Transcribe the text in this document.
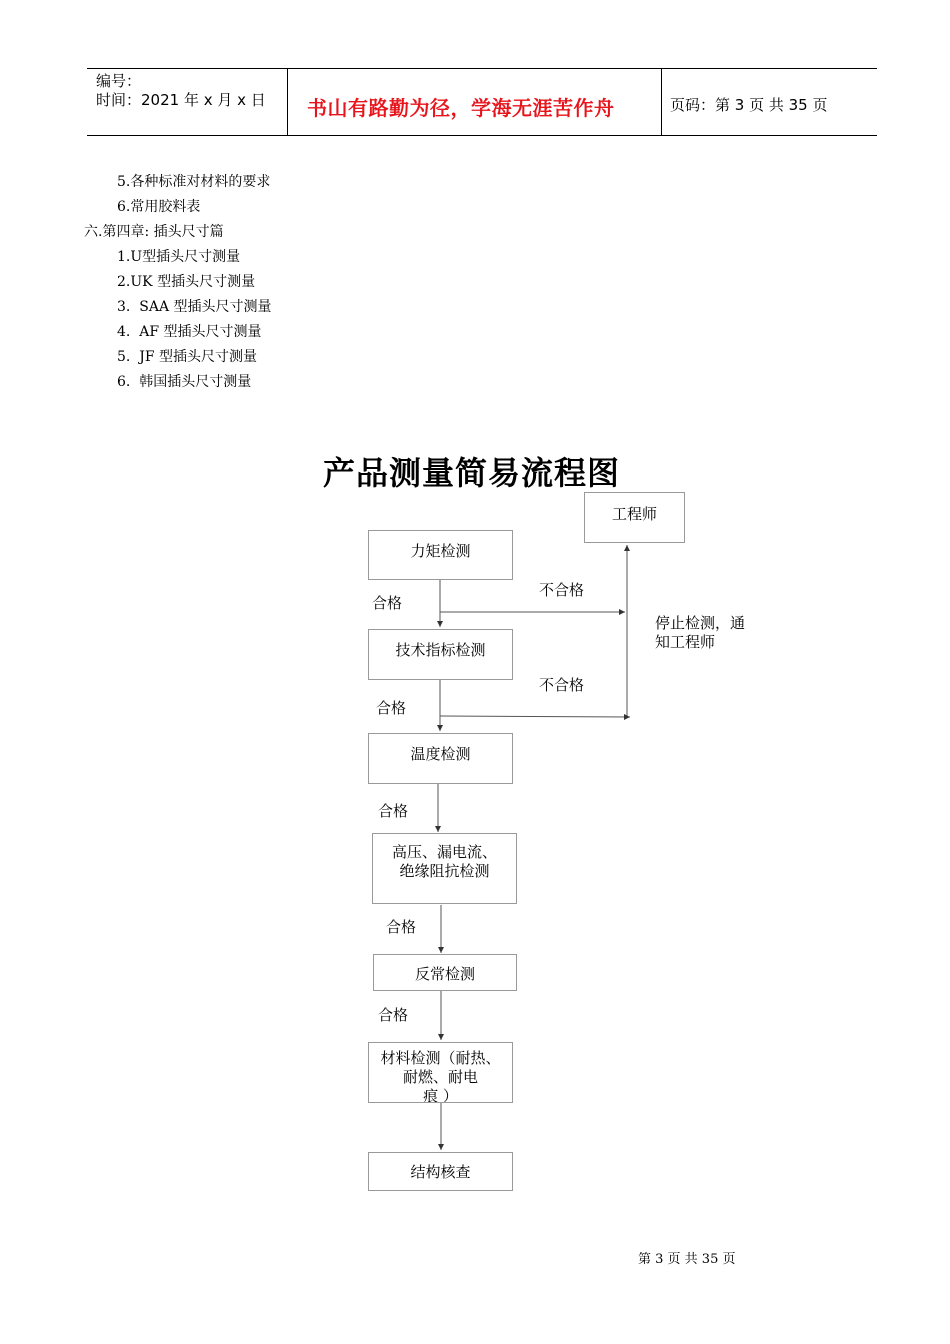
编号：
时间：2021 年 x 月 x 日 书山有路勤为径，学海无涯苦作舟	页码：第 3 页 共 35 页
5.各种标准对材料的要求
6.常用胶料表
六.第四章: 插头尺寸篇
1.U型插头尺寸测量
2.UK 型插头尺寸测量
3.  SAA 型插头尺寸测量
4.  AF 型插头尺寸测量
5.  JF 型插头尺寸测量
6.  韩国插头尺寸测量
产品测量简易流程图
工程师
力矩检测
技术指标检测
温度检测
高压、漏电流、
绝缘阻抗检测
反常检测
材料检测（耐热、
耐燃、耐电
痕 ）
结构核查
合格
不合格
合格
不合格
合格
合格
合格
停止检测，通
知工程师
第 3 页 共 35 页
